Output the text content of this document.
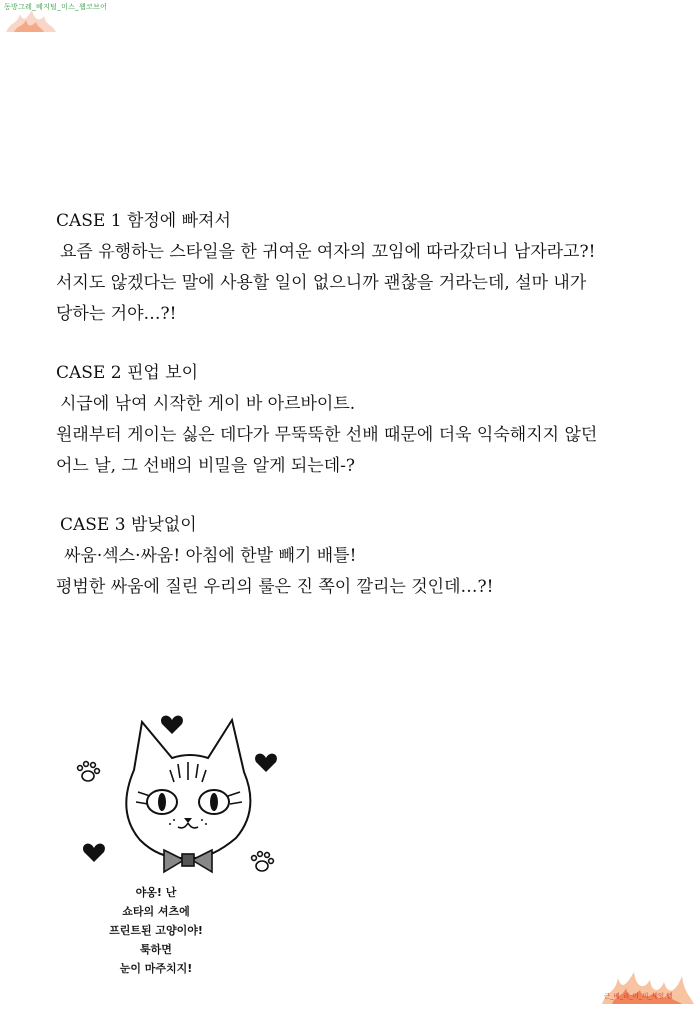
동방그레_베지털_미스_웹코브어

CASE 1 함정에 빠져서

요즘 유행하는 스타일을 한 귀여운 여자의 꼬임에 따라갔더니 남자라고?!

서지도 않겠다는 말에 사용할 일이 없으니까 괜찮을 거라는데, 설마 내가

당하는 거야…?!

CASE 2 핀업 보이

시급에 낚여 시작한 게이 바 아르바이트.

원래부터 게이는 싫은 데다가 무뚝뚝한 선배 때문에 더욱 익숙해지지 않던

어느 날, 그 선배의 비밀을 알게 되는데-?

CASE 3 밤낮없이

싸움·섹스·싸움! 아침에 한발 빼기 배틀!

평범한 싸움에 질린 우리의 룰은 진 쪽이 깔리는 것인데…?!

야옹! 난
쇼타의 셔츠에
프린트된 고양이야!
툭하면
눈이 마주치지!
근_베_리_미_미_세일 엘
